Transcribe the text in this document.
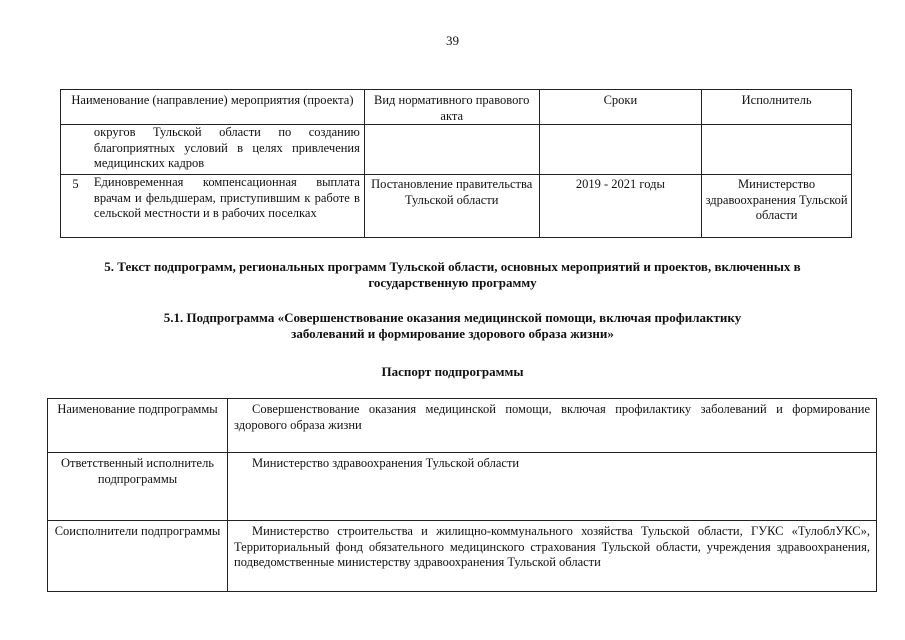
39
Наименование (направление) мероприятия (проекта)		Вид нормативного правового акта	Сроки	Исполнитель
	округов Тульской области по созданию благоприятных условий в целях привлечения медицинских кадров			
5	Единовременная компенсационная выплата врачам и фельдшерам, приступившим к работе в сельской местности и в рабочих поселках	Постановление правительства Тульской области	2019 - 2021 годы	Министерство здравоохранения Тульской области
5. Текст подпрограмм, региональных программ Тульской области, основных мероприятий и проектов, включенных в государственную программу
5.1. Подпрограмма «Совершенствование оказания медицинской помощи, включая профилактику заболеваний и формирование здорового образа жизни»
Паспорт подпрограммы
Наименование подпрограммы	Совершенствование оказания медицинской помощи, включая профилактику заболеваний и формирование здорового образа жизни
Ответственный исполнитель подпрограммы	Министерство здравоохранения Тульской области
Соисполнители подпрограммы	Министерство строительства и жилищно-коммунального хозяйства Тульской области, ГУКС «ТулоблУКС», Территориальный фонд обязательного медицинского страхования Тульской области, учреждения здравоохранения, подведомственные министерству здравоохранения Тульской области
